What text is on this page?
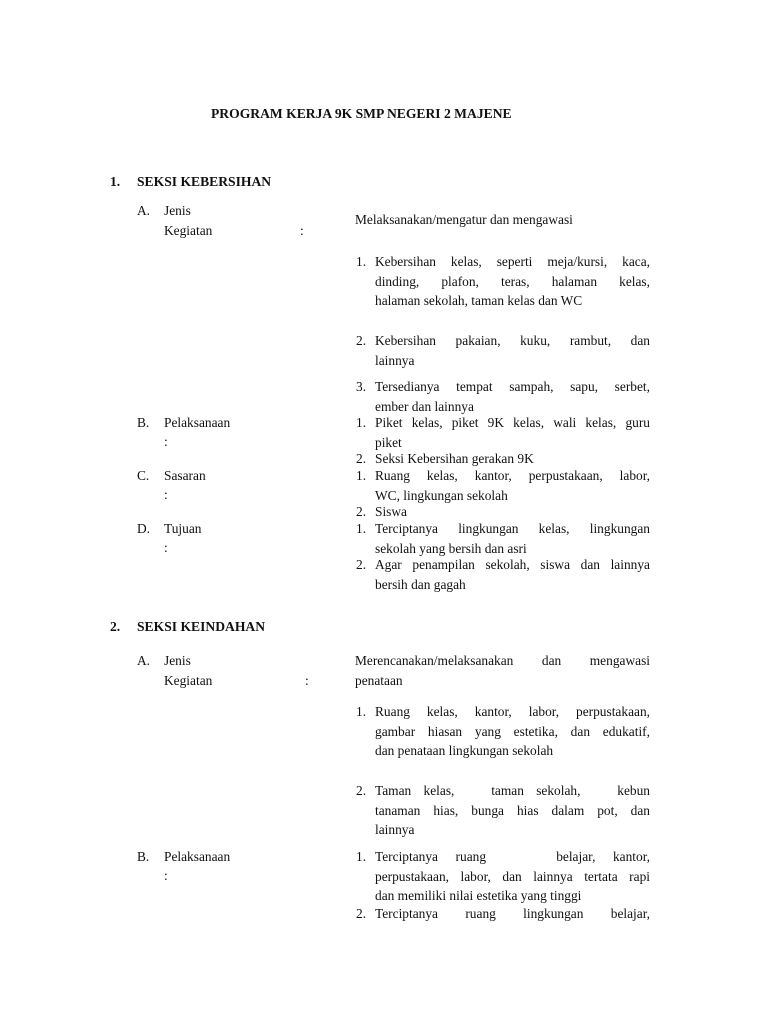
PROGRAM KERJA 9K SMP NEGERI 2 MAJENE
1. SEKSI KEBERSIHAN
A. Jenis
Kegiatan	:
Melaksanakan/mengatur dan mengawasi
1. Kebersihan kelas, seperti meja/kursi, kaca,
dinding, plafon, teras, halaman kelas,
halaman sekolah, taman kelas dan WC
2. Kebersihan pakaian, kuku, rambut, dan
lainnya
3. Tersedianya tempat sampah, sapu, serbet,
ember dan lainnya
B. Pelaksanaan
:
1. Piket kelas, piket 9K kelas, wali kelas, guru
piket
2. Seksi Kebersihan gerakan 9K
C. Sasaran
:
1. Ruang kelas, kantor, perpustakaan, labor,
WC, lingkungan sekolah
2. Siswa
D. Tujuan
:
1. Terciptanya lingkungan kelas, lingkungan
sekolah yang bersih dan asri
2. Agar penampilan sekolah, siswa dan lainnya
bersih dan gagah
2. SEKSI KEINDAHAN
A. Jenis
Kegiatan	:
Merencanakan/melaksanakan dan mengawasi
penataan
1. Ruang kelas, kantor, labor, perpustakaan,
gambar hiasan yang estetika, dan edukatif,
dan penataan lingkungan sekolah
2. Taman kelas,   taman sekolah,   kebun
tanaman hias, bunga hias dalam pot, dan
lainnya
B. Pelaksanaan
:
1. Terciptanya ruang    belajar, kantor,
perpustakaan, labor, dan lainnya tertata rapi
dan memiliki nilai estetika yang tinggi
2. Terciptanya ruang lingkungan belajar,
